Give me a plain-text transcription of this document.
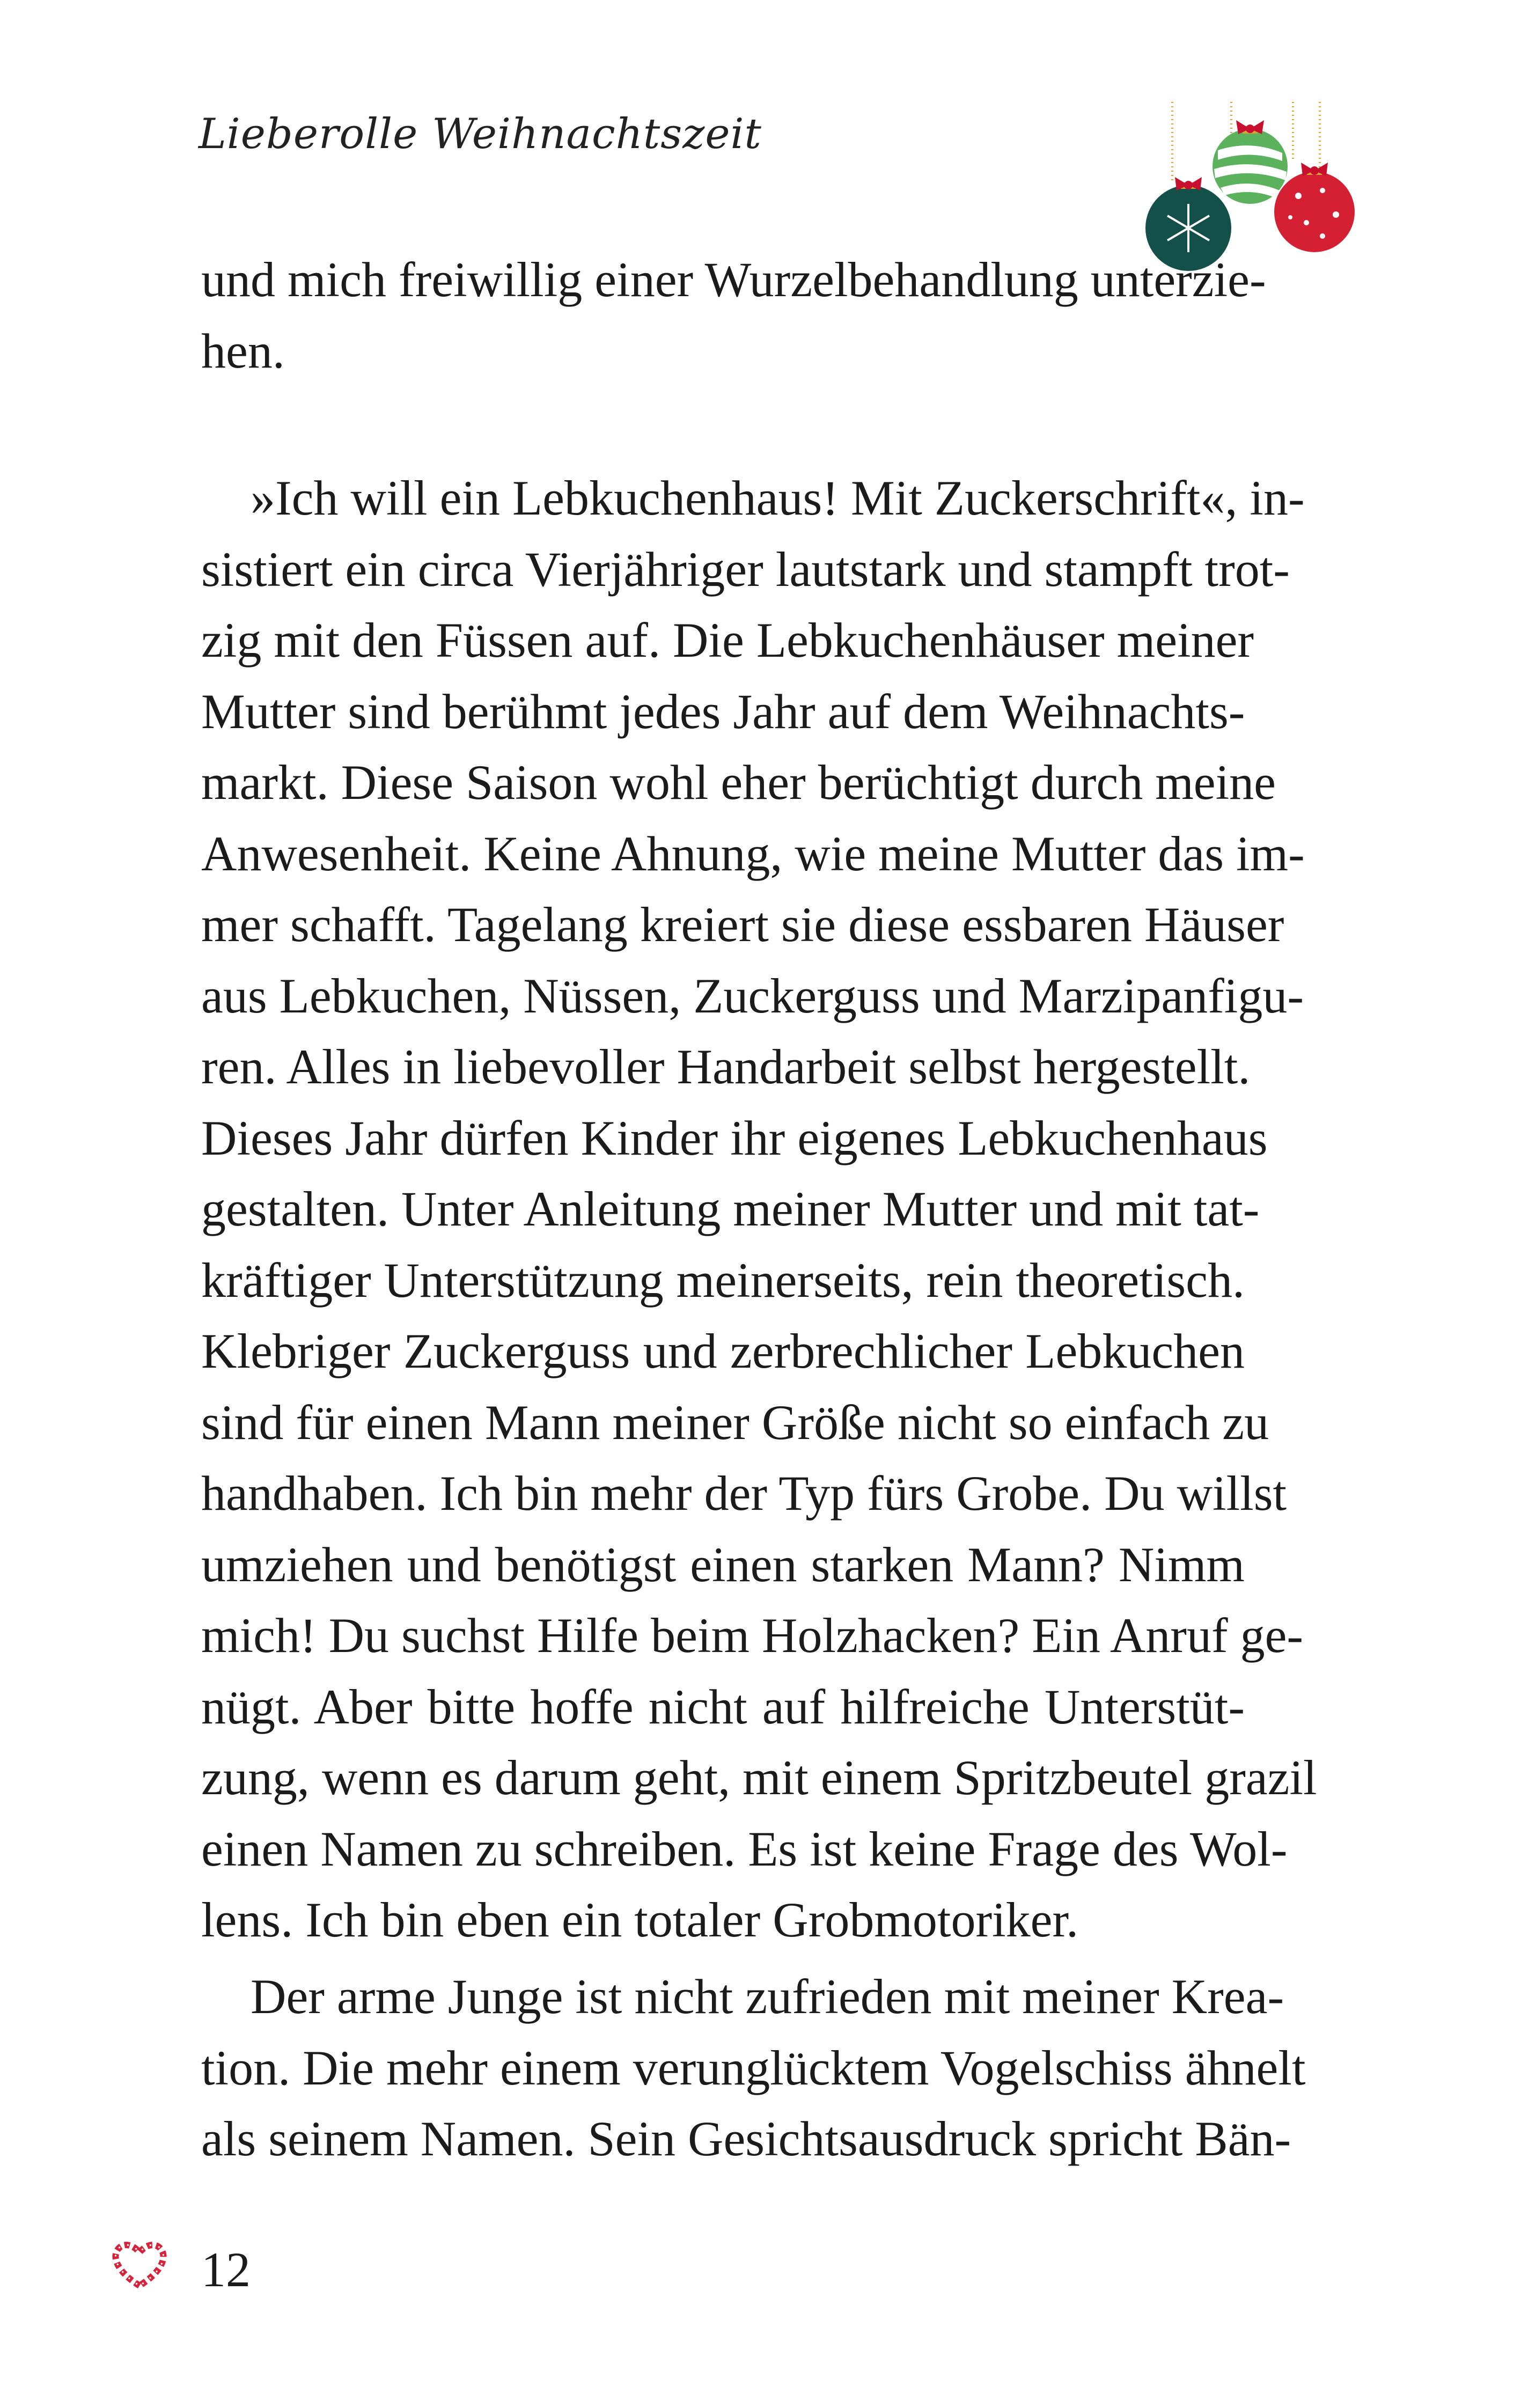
Lieberolle Weihnachtszeit
und mich freiwillig einer Wurzelbehandlung unterzie-
hen.
»Ich will ein Lebkuchenhaus! Mit Zuckerschrift«, in-
sistiert ein circa Vierjähriger lautstark und stampft trot-
zig mit den Füssen auf. Die Lebkuchenhäuser meiner
Mutter sind berühmt jedes Jahr auf dem Weihnachts-
markt. Diese Saison wohl eher berüchtigt durch meine
Anwesenheit. Keine Ahnung, wie meine Mutter das im-
mer schafft. Tagelang kreiert sie diese essbaren Häuser
aus Lebkuchen, Nüssen, Zuckerguss und Marzipanfigu-
ren. Alles in liebevoller Handarbeit selbst hergestellt.
Dieses Jahr dürfen Kinder ihr eigenes Lebkuchenhaus
gestalten. Unter Anleitung meiner Mutter und mit tat-
kräftiger Unterstützung meinerseits, rein theoretisch.
Klebriger Zuckerguss und zerbrechlicher Lebkuchen
sind für einen Mann meiner Größe nicht so einfach zu
handhaben. Ich bin mehr der Typ fürs Grobe. Du willst
umziehen und benötigst einen starken Mann? Nimm
mich! Du suchst Hilfe beim Holzhacken? Ein Anruf ge-
nügt. Aber bitte hoffe nicht auf hilfreiche Unterstüt-
zung, wenn es darum geht, mit einem Spritzbeutel grazil
einen Namen zu schreiben. Es ist keine Frage des Wol-
lens. Ich bin eben ein totaler Grobmotoriker.
Der arme Junge ist nicht zufrieden mit meiner Krea-
tion. Die mehr einem verunglücktem Vogelschiss ähnelt
als seinem Namen. Sein Gesichtsausdruck spricht Bän-
12
